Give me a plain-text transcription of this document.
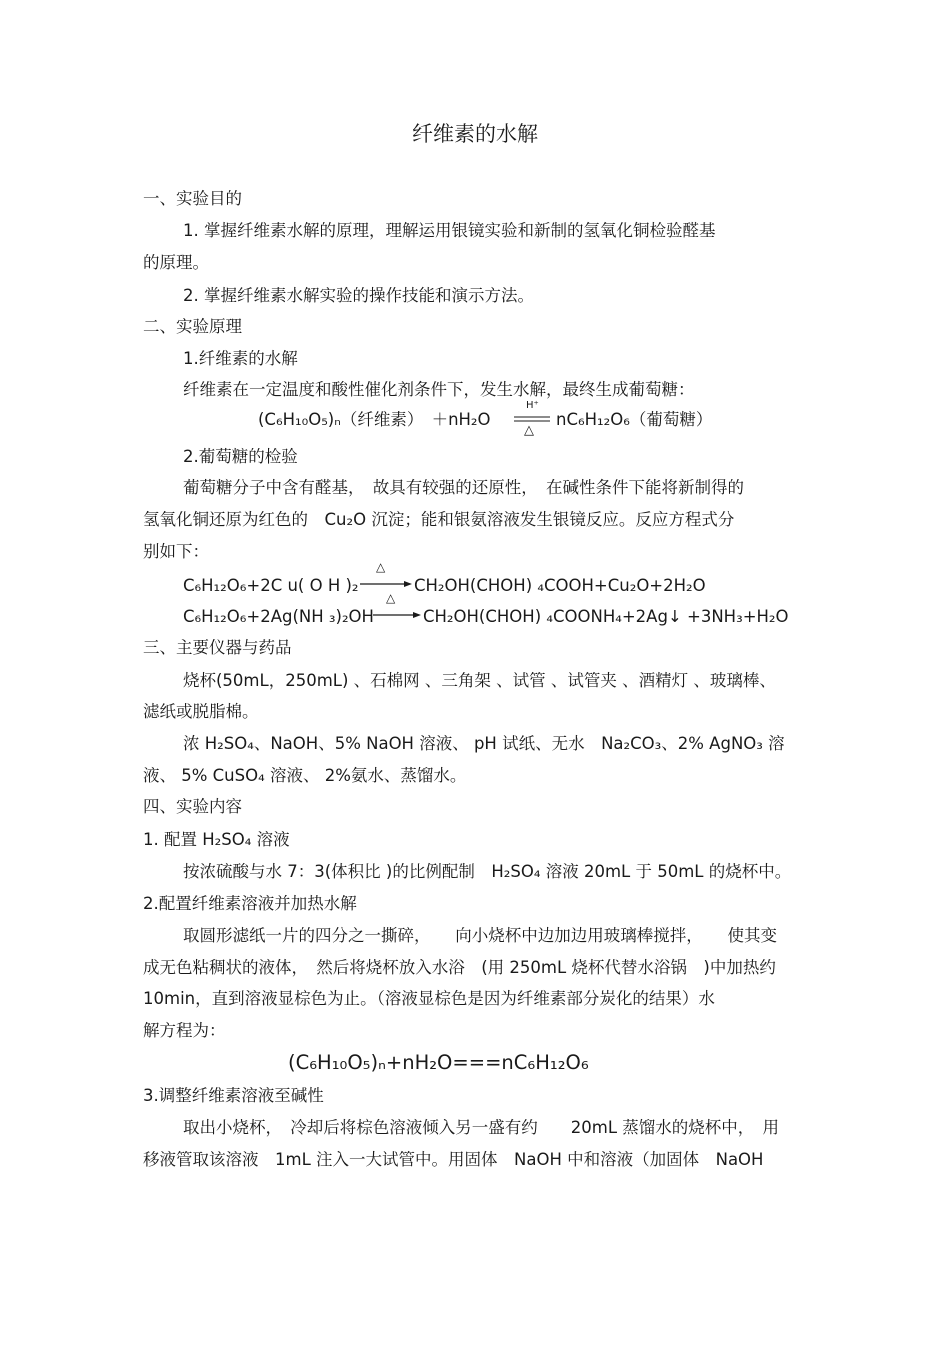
纤维素的水解
一、实验目的
1. 掌握纤维素水解的原理，理解运用银镜实验和新制的氢氧化铜检验醛基
的原理。
2. 掌握纤维素水解实验的操作技能和演示方法。
二、实验原理
1.纤维素的水解
纤维素在一定温度和酸性催化剂条件下，发生水解，最终生成葡萄糖：
(C₆H₁₀O₅)ₙ（纤维素）　＋nH₂O
H⁺
△
nC₆H₁₂O₆（葡萄糖）
2.葡萄糖的检验
葡萄糖分子中含有醛基，　故具有较强的还原性，　在碱性条件下能将新制得的
氢氧化铜还原为红色的　Cu₂O 沉淀；能和银氨溶液发生银镜反应。反应方程式分
别如下：
C₆H₁₂O₆+2C u( O H )₂
△
CH₂OH(CHOH) ₄COOH+Cu₂O+2H₂O
C₆H₁₂O₆+2Ag(NH ₃)₂OH
△
CH₂OH(CHOH) ₄COONH₄+2Ag↓ +3NH₃+H₂O
三、主要仪器与药品
烧杯(50mL，250mL) 、石棉网 、三角架 、试管 、试管夹 、酒精灯 、玻璃棒、
滤纸或脱脂棉。
浓 H₂SO₄、NaOH、5% NaOH 溶液、 pH 试纸、无水　Na₂CO₃、2% AgNO₃ 溶
液、 5% CuSO₄ 溶液、 2%氨水、蒸馏水。
四、实验内容
1. 配置 H₂SO₄ 溶液
按浓硫酸与水 7：3(体积比 )的比例配制　H₂SO₄ 溶液 20mL 于 50mL 的烧杯中。
2.配置纤维素溶液并加热水解
取圆形滤纸一片的四分之一撕碎，　　向小烧杯中边加边用玻璃棒搅拌，　　使其变
成无色粘稠状的液体，　然后将烧杯放入水浴　(用 250mL 烧杯代替水浴锅　)中加热约
10min，直到溶液显棕色为止。（溶液显棕色是因为纤维素部分炭化的结果）水
解方程为：
(C₆H₁₀O₅)ₙ+nH₂O===nC₆H₁₂O₆
3.调整纤维素溶液至碱性
取出小烧杯，　冷却后将棕色溶液倾入另一盛有约　　20mL 蒸馏水的烧杯中，　用
移液管取该溶液　1mL 注入一大试管中。用固体　NaOH 中和溶液（加固体　NaOH
